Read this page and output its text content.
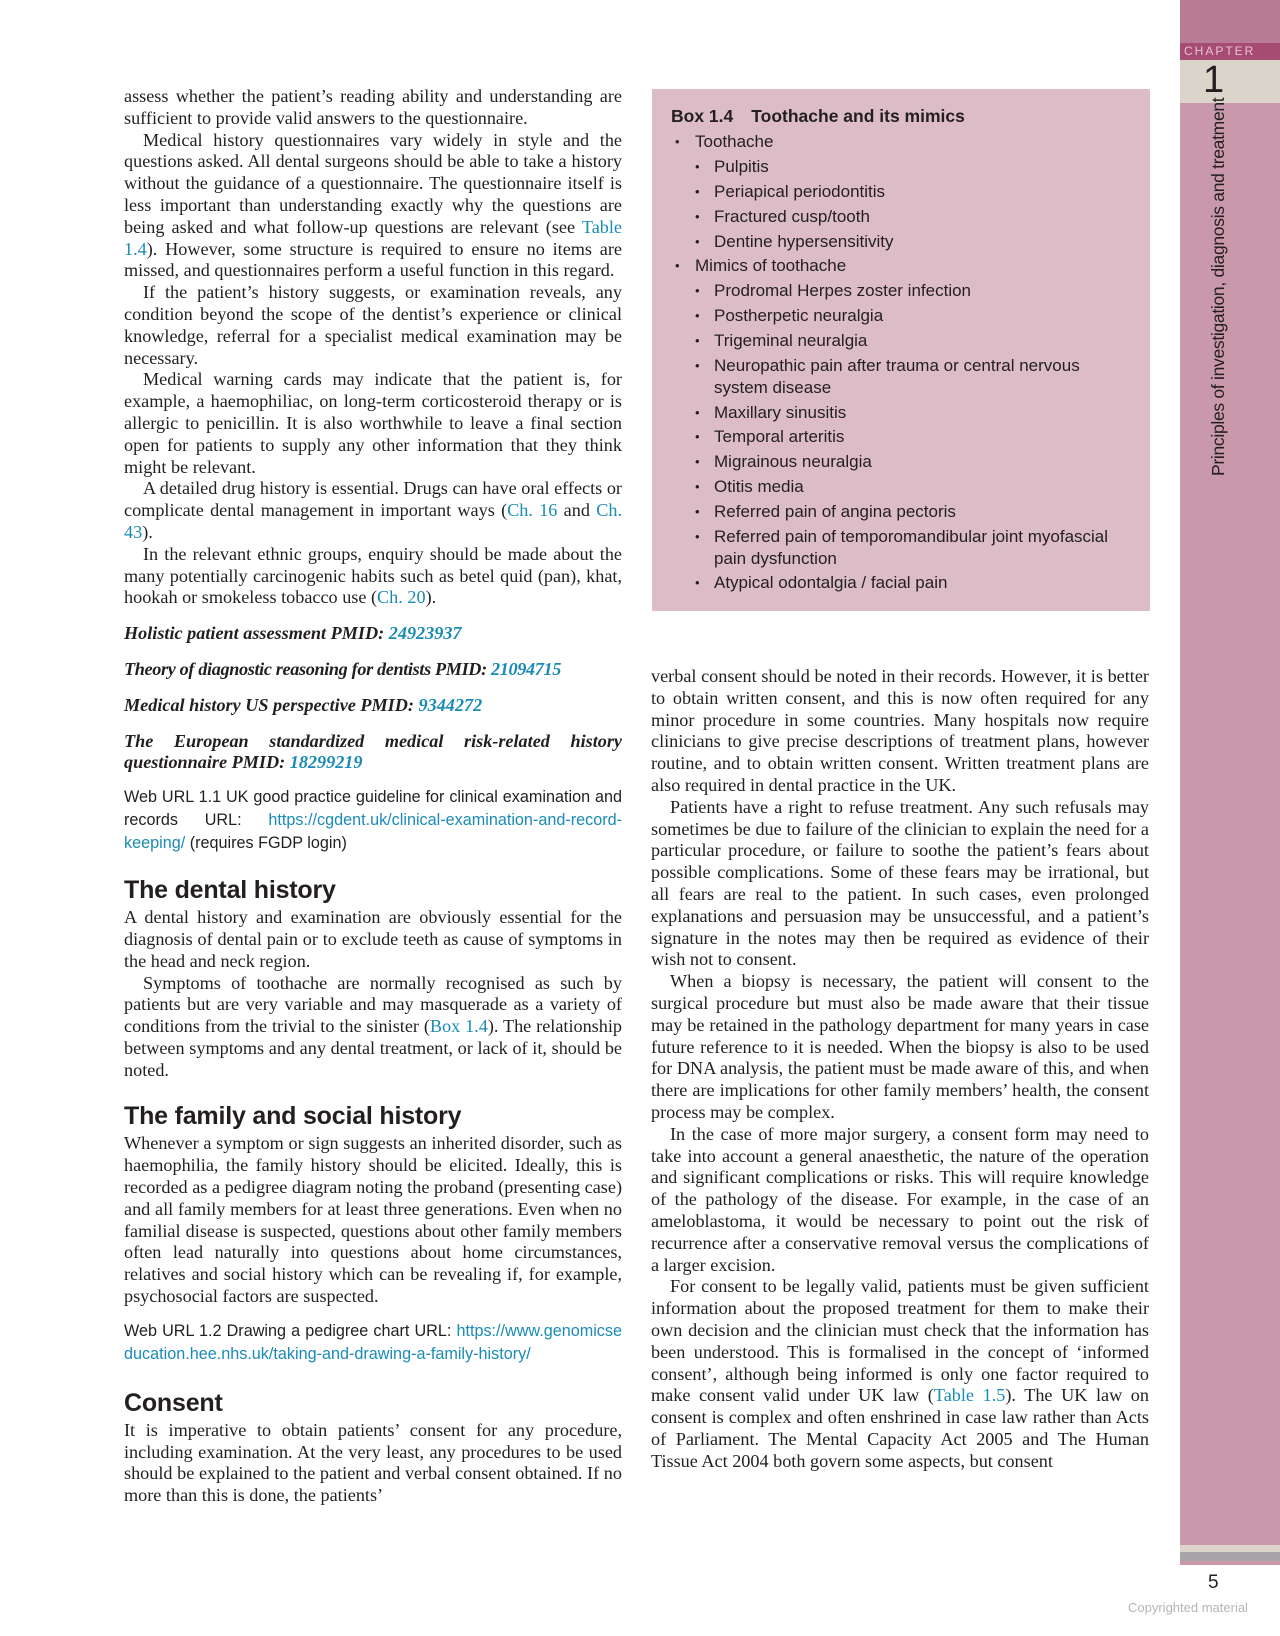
assess whether the patient’s reading ability and understanding are sufficient to provide valid answers to the questionnaire.

Medical history questionnaires vary widely in style and the questions asked. All dental surgeons should be able to take a history without the guidance of a questionnaire. The questionnaire itself is less important than understanding exactly why the questions are being asked and what follow-up questions are relevant (see Table 1.4). However, some structure is required to ensure no items are missed, and questionnaires perform a useful function in this regard.

If the patient’s history suggests, or examination reveals, any condition beyond the scope of the dentist’s experience or clinical knowledge, referral for a specialist medical examination may be necessary.

Medical warning cards may indicate that the patient is, for example, a haemophiliac, on long-term corticosteroid therapy or is allergic to penicillin. It is also worthwhile to leave a final section open for patients to supply any other information that they think might be relevant.

A detailed drug history is essential. Drugs can have oral effects or complicate dental management in important ways (Ch. 16 and Ch. 43).

In the relevant ethnic groups, enquiry should be made about the many potentially carcinogenic habits such as betel quid (pan), khat, hookah or smokeless tobacco use (Ch. 20).

Holistic patient assessment PMID: 24923937

Theory of diagnostic reasoning for dentists PMID: 21094715

Medical history US perspective PMID: 9344272

The European standardized medical risk-related history questionnaire PMID: 18299219

Web URL 1.1 UK good practice guideline for clinical examination and records URL: https://cgdent.uk/clinical-examination-and-record-keeping/ (requires FGDP login)

The dental history

A dental history and examination are obviously essential for the diagnosis of dental pain or to exclude teeth as cause of symptoms in the head and neck region.

Symptoms of toothache are normally recognised as such by patients but are very variable and may masquerade as a variety of conditions from the trivial to the sinister (Box 1.4). The relationship between symptoms and any dental treatment, or lack of it, should be noted.

The family and social history

Whenever a symptom or sign suggests an inherited disorder, such as haemophilia, the family history should be elicited. Ideally, this is recorded as a pedigree diagram noting the proband (presenting case) and all family members for at least three generations. Even when no familial disease is suspected, questions about other family members often lead naturally into questions about home circumstances, relatives and social history which can be revealing if, for example, psychosocial factors are suspected.

Web URL 1.2 Drawing a pedigree chart URL: https://www.genomicseducation.hee.nhs.uk/taking-and-drawing-a-family-history/

Consent

It is imperative to obtain patients’ consent for any procedure, including examination. At the very least, any procedures to be used should be explained to the patient and verbal consent obtained. If no more than this is done, the patients’

Box 1.4 Toothache and its mimics
• Toothache
• Pulpitis
• Periapical periodontitis
• Fractured cusp/tooth
• Dentine hypersensitivity
• Mimics of toothache
• Prodromal Herpes zoster infection
• Postherpetic neuralgia
• Trigeminal neuralgia
• Neuropathic pain after trauma or central nervous system disease
• Maxillary sinusitis
• Temporal arteritis
• Migrainous neuralgia
• Otitis media
• Referred pain of angina pectoris
• Referred pain of temporomandibular joint myofascial pain dysfunction
• Atypical odontalgia / facial pain

verbal consent should be noted in their records. However, it is better to obtain written consent, and this is now often required for any minor procedure in some countries. Many hospitals now require clinicians to give precise descriptions of treatment plans, however routine, and to obtain written consent. Written treatment plans are also required in dental practice in the UK.

Patients have a right to refuse treatment. Any such refusals may sometimes be due to failure of the clinician to explain the need for a particular procedure, or failure to soothe the patient’s fears about possible complications. Some of these fears may be irrational, but all fears are real to the patient. In such cases, even prolonged explanations and persuasion may be unsuccessful, and a patient’s signature in the notes may then be required as evidence of their wish not to consent.

When a biopsy is necessary, the patient will consent to the surgical procedure but must also be made aware that their tissue may be retained in the pathology department for many years in case future reference to it is needed. When the biopsy is also to be used for DNA analysis, the patient must be made aware of this, and when there are implications for other family members’ health, the consent process may be complex.

In the case of more major surgery, a consent form may need to take into account a general anaesthetic, the nature of the operation and significant complications or risks. This will require knowledge of the pathology of the disease. For example, in the case of an ameloblastoma, it would be necessary to point out the risk of recurrence after a conservative removal versus the complications of a larger excision.

For consent to be legally valid, patients must be given sufficient information about the proposed treatment for them to make their own decision and the clinician must check that the information has been understood. This is formalised in the concept of ‘informed consent’, although being informed is only one factor required to make consent valid under UK law (Table 1.5). The UK law on consent is complex and often enshrined in case law rather than Acts of Parliament. The Mental Capacity Act 2005 and The Human Tissue Act 2004 both govern some aspects, but consent

CHAPTER
1
Principles of investigation, diagnosis and treatment
5
Copyrighted material
